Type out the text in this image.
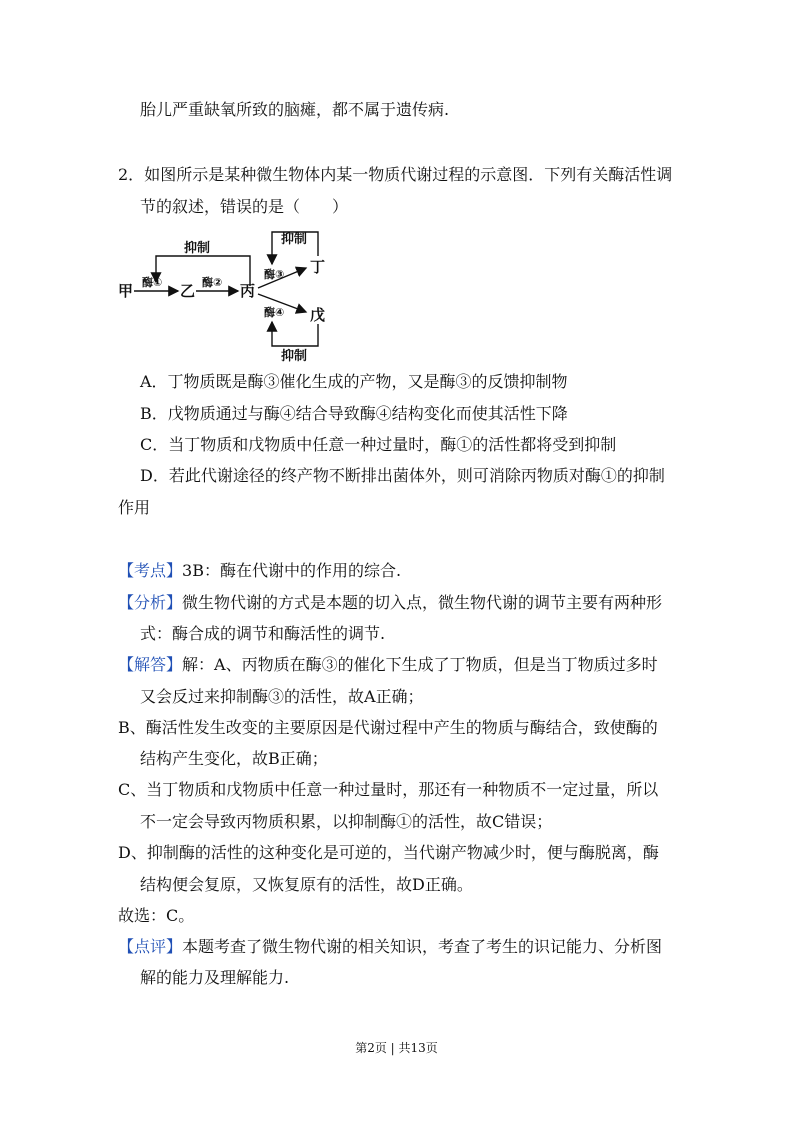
胎儿严重缺氧所致的脑瘫，都不属于遗传病.
2．如图所示是某种微生物体内某一物质代谢过程的示意图．下列有关酶活性调
节的叙述，错误的是（　　）
抑制
甲 酶① 乙 酶② 丙
酶③
酶④
丁
戊
抑制
抑制
A．丁物质既是酶③催化生成的产物，又是酶③的反馈抑制物
B．戊物质通过与酶④结合导致酶④结构变化而使其活性下降
C．当丁物质和戊物质中任意一种过量时，酶①的活性都将受到抑制
D．若此代谢途径的终产物不断排出菌体外，则可消除丙物质对酶①的抑制
作用
【考点】3B：酶在代谢中的作用的综合.
【分析】微生物代谢的方式是本题的切入点，微生物代谢的调节主要有两种形
式：酶合成的调节和酶活性的调节.
【解答】解：A、丙物质在酶③的催化下生成了丁物质，但是当丁物质过多时
又会反过来抑制酶③的活性，故A正确；
B、酶活性发生改变的主要原因是代谢过程中产生的物质与酶结合，致使酶的
结构产生变化，故B正确；
C、当丁物质和戊物质中任意一种过量时，那还有一种物质不一定过量，所以
不一定会导致丙物质积累，以抑制酶①的活性，故C错误；
D、抑制酶的活性的这种变化是可逆的，当代谢产物减少时，便与酶脱离，酶
结构便会复原，又恢复原有的活性，故D正确。
故选：C。
【点评】本题考查了微生物代谢的相关知识，考查了考生的识记能力、分析图
解的能力及理解能力.
第2页 | 共13页
